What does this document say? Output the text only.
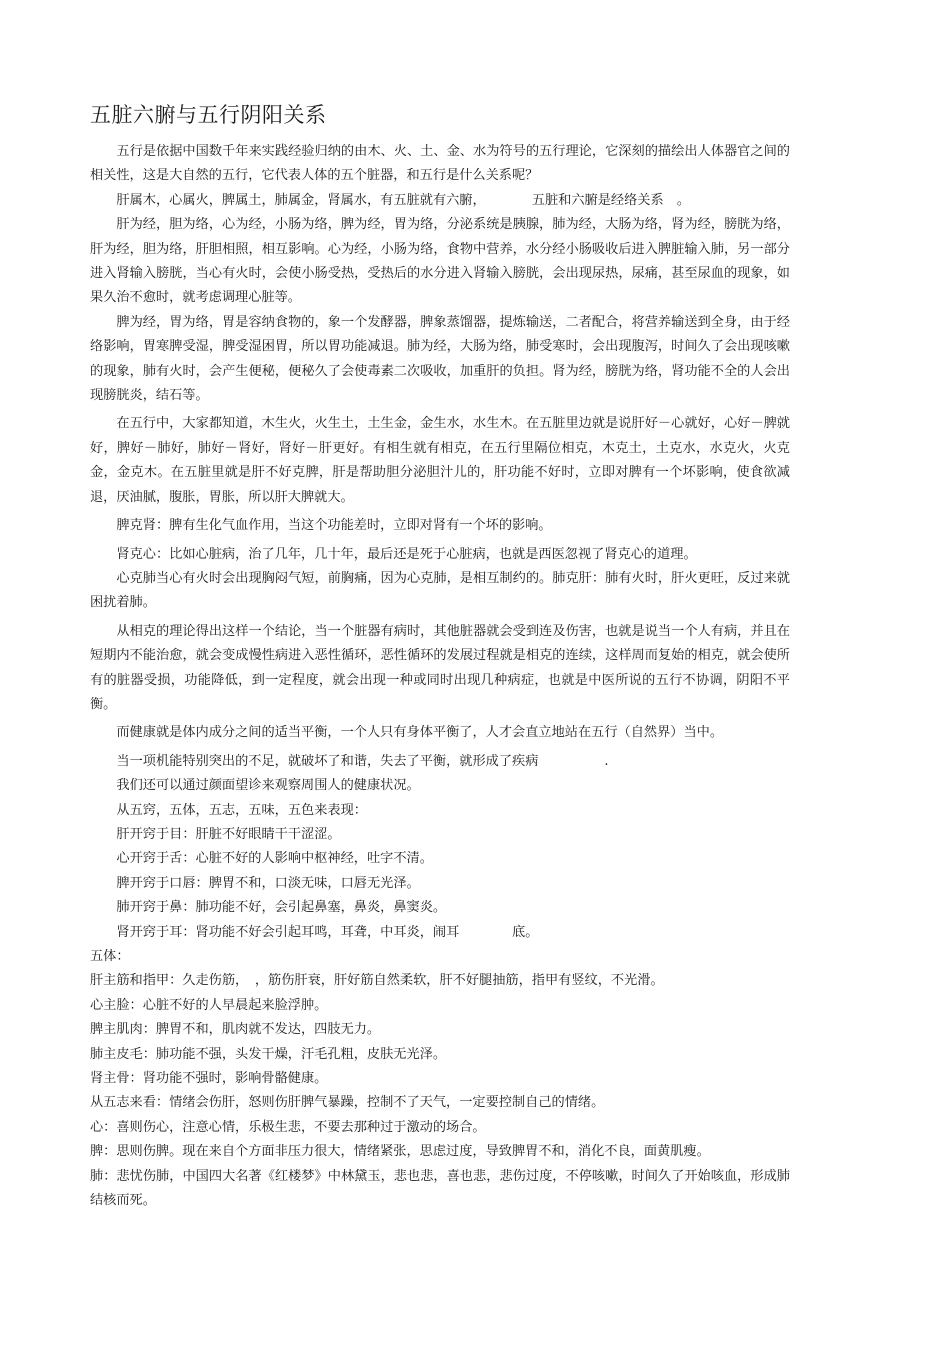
五脏六腑与五行阴阳关系

五行是依据中国数千年来实践经验归纳的由木、火、土、金、水为符号的五行理论，它深刻的描绘出人体器官之间的相关性，这是大自然的五行，它代表人体的五个脏器，和五行是什么关系呢？

肝属木，心属火，脾属土，肺属金，肾属水，有五脏就有六腑，　　　　五脏和六腑是经络关系　。

肝为经，胆为络，心为经，小肠为络，脾为经，胃为络，分泌系统是胰腺，肺为经，大肠为络，肾为经，膀胱为络，肝为经，胆为络，肝胆相照，相互影响。心为经，小肠为络，食物中营养，水分经小肠吸收后进入脾脏输入肺，另一部分进入肾输入膀胱，当心有火时，会使小肠受热，受热后的水分进入肾输入膀胱，会出现尿热，尿痛，甚至尿血的现象，如果久治不愈时，就考虑调理心脏等。

脾为经，胃为络，胃是容纳食物的，象一个发酵器，脾象蒸馏器，提炼输送，二者配合，将营养输送到全身，由于经络影响，胃寒脾受湿，脾受湿困胃，所以胃功能减退。肺为经，大肠为络，肺受寒时，会出现腹泻，时间久了会出现咳嗽的现象，肺有火时，会产生便秘，便秘久了会使毒素二次吸收，加重肝的负担。肾为经，膀胱为络，肾功能不全的人会出现膀胱炎，结石等。

在五行中，大家都知道，木生火，火生土，土生金，金生水，水生木。在五脏里边就是说肝好－心就好，心好－脾就好，脾好－肺好，肺好－肾好，肾好－肝更好。有相生就有相克，在五行里隔位相克，木克土，土克水，水克火，火克金，金克木。在五脏里就是肝不好克脾，肝是帮助胆分泌胆汁儿的，肝功能不好时，立即对脾有一个坏影响，使食欲减退，厌油腻，腹胀，胃胀，所以肝大脾就大。

脾克肾：脾有生化气血作用，当这个功能差时，立即对肾有一个坏的影响。

肾克心：比如心脏病，治了几年，几十年，最后还是死于心脏病，也就是西医忽视了肾克心的道理。

心克肺当心有火时会出现胸闷气短，前胸痛，因为心克肺，是相互制约的。肺克肝：肺有火时，肝火更旺，反过来就困扰着肺。

从相克的理论得出这样一个结论，当一个脏器有病时，其他脏器就会受到连及伤害，也就是说当一个人有病，并且在短期内不能治愈，就会变成慢性病进入恶性循环，恶性循环的发展过程就是相克的连续，这样周而复始的相克，就会使所有的脏器受损，功能降低，到一定程度，就会出现一种或同时出现几种病症，也就是中医所说的五行不协调，阴阳不平衡。

而健康就是体内成分之间的适当平衡，一个人只有身体平衡了，人才会直立地站在五行（自然界）当中。

当一项机能特别突出的不足，就破坏了和谐，失去了平衡，就形成了疾病　　　　　.

我们还可以通过颜面望诊来观察周围人的健康状况。

从五窍，五体，五志，五味，五色来表现：

肝开窍于目：肝脏不好眼睛干干涩涩。

心开窍于舌：心脏不好的人影响中枢神经，吐字不清。

脾开窍于口唇：脾胃不和，口淡无味，口唇无光泽。

肺开窍于鼻：肺功能不好，会引起鼻塞，鼻炎，鼻窦炎。

肾开窍于耳：肾功能不好会引起耳鸣，耳聋，中耳炎，闹耳　　　　底。

五体：

肝主筋和指甲：久走伤筋，　，筋伤肝衰，肝好筋自然柔软，肝不好腿抽筋，指甲有竖纹，不光滑。

心主脸：心脏不好的人早晨起来脸浮肿。

脾主肌肉：脾胃不和，肌肉就不发达，四肢无力。

肺主皮毛：肺功能不强，头发干燥，汗毛孔粗，皮肤无光泽。

肾主骨：肾功能不强时，影响骨骼健康。

从五志来看：情绪会伤肝，怒则伤肝脾气暴躁，控制不了天气，一定要控制自己的情绪。

心：喜则伤心，注意心情，乐极生悲，不要去那种过于激动的场合。

脾：思则伤脾。现在来自个方面非压力很大，情绪紧张，思虑过度，导致脾胃不和，消化不良，面黄肌瘦。

肺：悲忧伤肺，中国四大名著《红楼梦》中林黛玉，悲也悲，喜也悲，悲伤过度，不停咳嗽，时间久了开始咳血，形成肺结核而死。
